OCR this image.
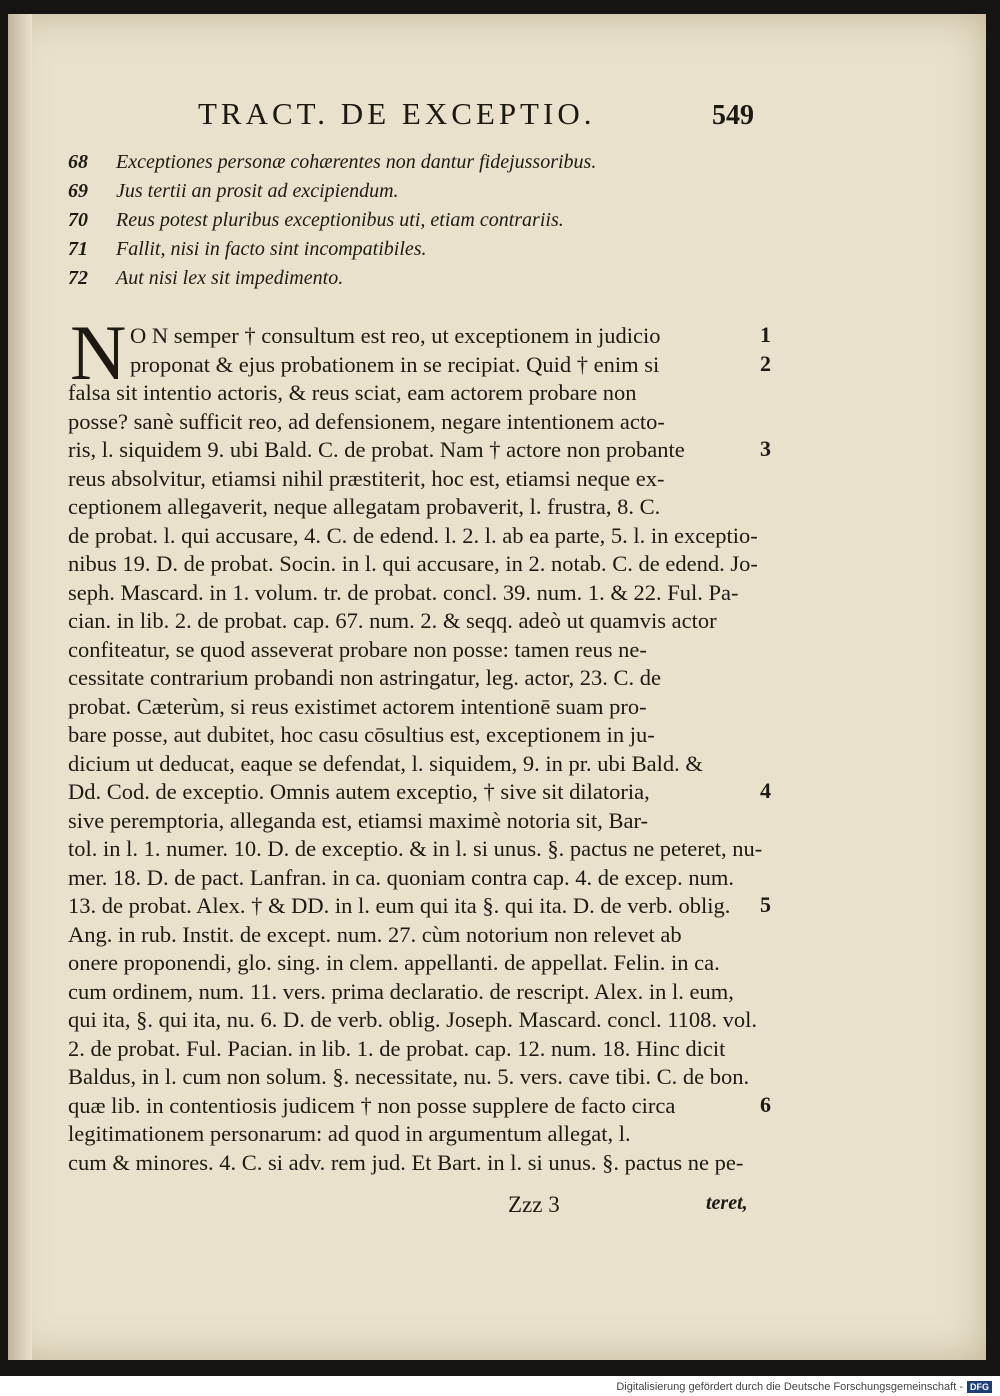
TRACT. DE EXCEPTIO.	549
68 Exceptiones personæ cohærentes non dantur fidejussoribus.
69 Jus tertii an prosit ad excipiendum.
70 Reus potest pluribus exceptionibus uti, etiam contrariis.
71 Fallit, nisi in facto sint incompatibiles.
72 Aut nisi lex sit impedimento.
N O N semper † consultum est reo, ut exceptionem in judicio
proponat & ejus probationem in se recipiat. Quid † enim si
falsa sit intentio actoris, & reus sciat, eam actorem probare non
posse? sanè sufficit reo, ad defensionem, negare intentionem acto-
ris, l. siquidem 9. ubi Bald. C. de probat. Nam † actore non probante
reus absolvitur, etiamsi nihil præstiterit, hoc est, etiamsi neque ex-
ceptionem allegaverit, neque allegatam probaverit, l. frustra, 8. C.
de probat. l. qui accusare, 4. C. de edend. l. 2. l. ab ea parte, 5. l. in exceptio-
nibus 19. D. de probat. Socin. in l. qui accusare, in 2. notab. C. de edend. Jo-
seph. Mascard. in 1. volum. tr. de probat. concl. 39. num. 1. & 22. Ful. Pa-
cian. in lib. 2. de probat. cap. 67. num. 2. & seqq. adeò ut quamvis actor
confiteatur, se quod asseverat probare non posse: tamen reus ne-
cessitate contrarium probandi non astringatur, leg. actor, 23. C. de
probat. Cæterùm, si reus existimet actorem intentionē suam pro-
bare posse, aut dubitet, hoc casu cōsultius est, exceptionem in ju-
dicium ut deducat, eaque se defendat, l. siquidem, 9. in pr. ubi Bald. &
Dd. Cod. de exceptio. Omnis autem exceptio, † sive sit dilatoria,
sive peremptoria, alleganda est, etiamsi maximè notoria sit, Bar-
tol. in l. 1. numer. 10. D. de exceptio. & in l. si unus. §. pactus ne peteret, nu-
mer. 18. D. de pact. Lanfran. in ca. quoniam contra cap. 4. de excep. num.
13. de probat. Alex. † & DD. in l. eum qui ita §. qui ita. D. de verb. oblig.
Ang. in rub. Instit. de except. num. 27. cùm notorium non relevet ab
onere proponendi, glo. sing. in clem. appellanti. de appellat. Felin. in ca.
cum ordinem, num. 11. vers. prima declaratio. de rescript. Alex. in l. eum,
qui ita, §. qui ita, nu. 6. D. de verb. oblig. Joseph. Mascard. concl. 1108. vol.
2. de probat. Ful. Pacian. in lib. 1. de probat. cap. 12. num. 18. Hinc dicit
Baldus, in l. cum non solum. §. necessitate, nu. 5. vers. cave tibi. C. de bon.
quæ lib. in contentiosis judicem † non posse supplere de facto circa
legitimationem personarum: ad quod in argumentum allegat, l.
cum & minores. 4. C. si adv. rem jud. Et Bart. in l. si unus. §. pactus ne pe-
1
2
3
4
5
6
Zzz 3	teret,
Digitalisierung gefördert durch die Deutsche Forschungsgemeinschaft - DFG
